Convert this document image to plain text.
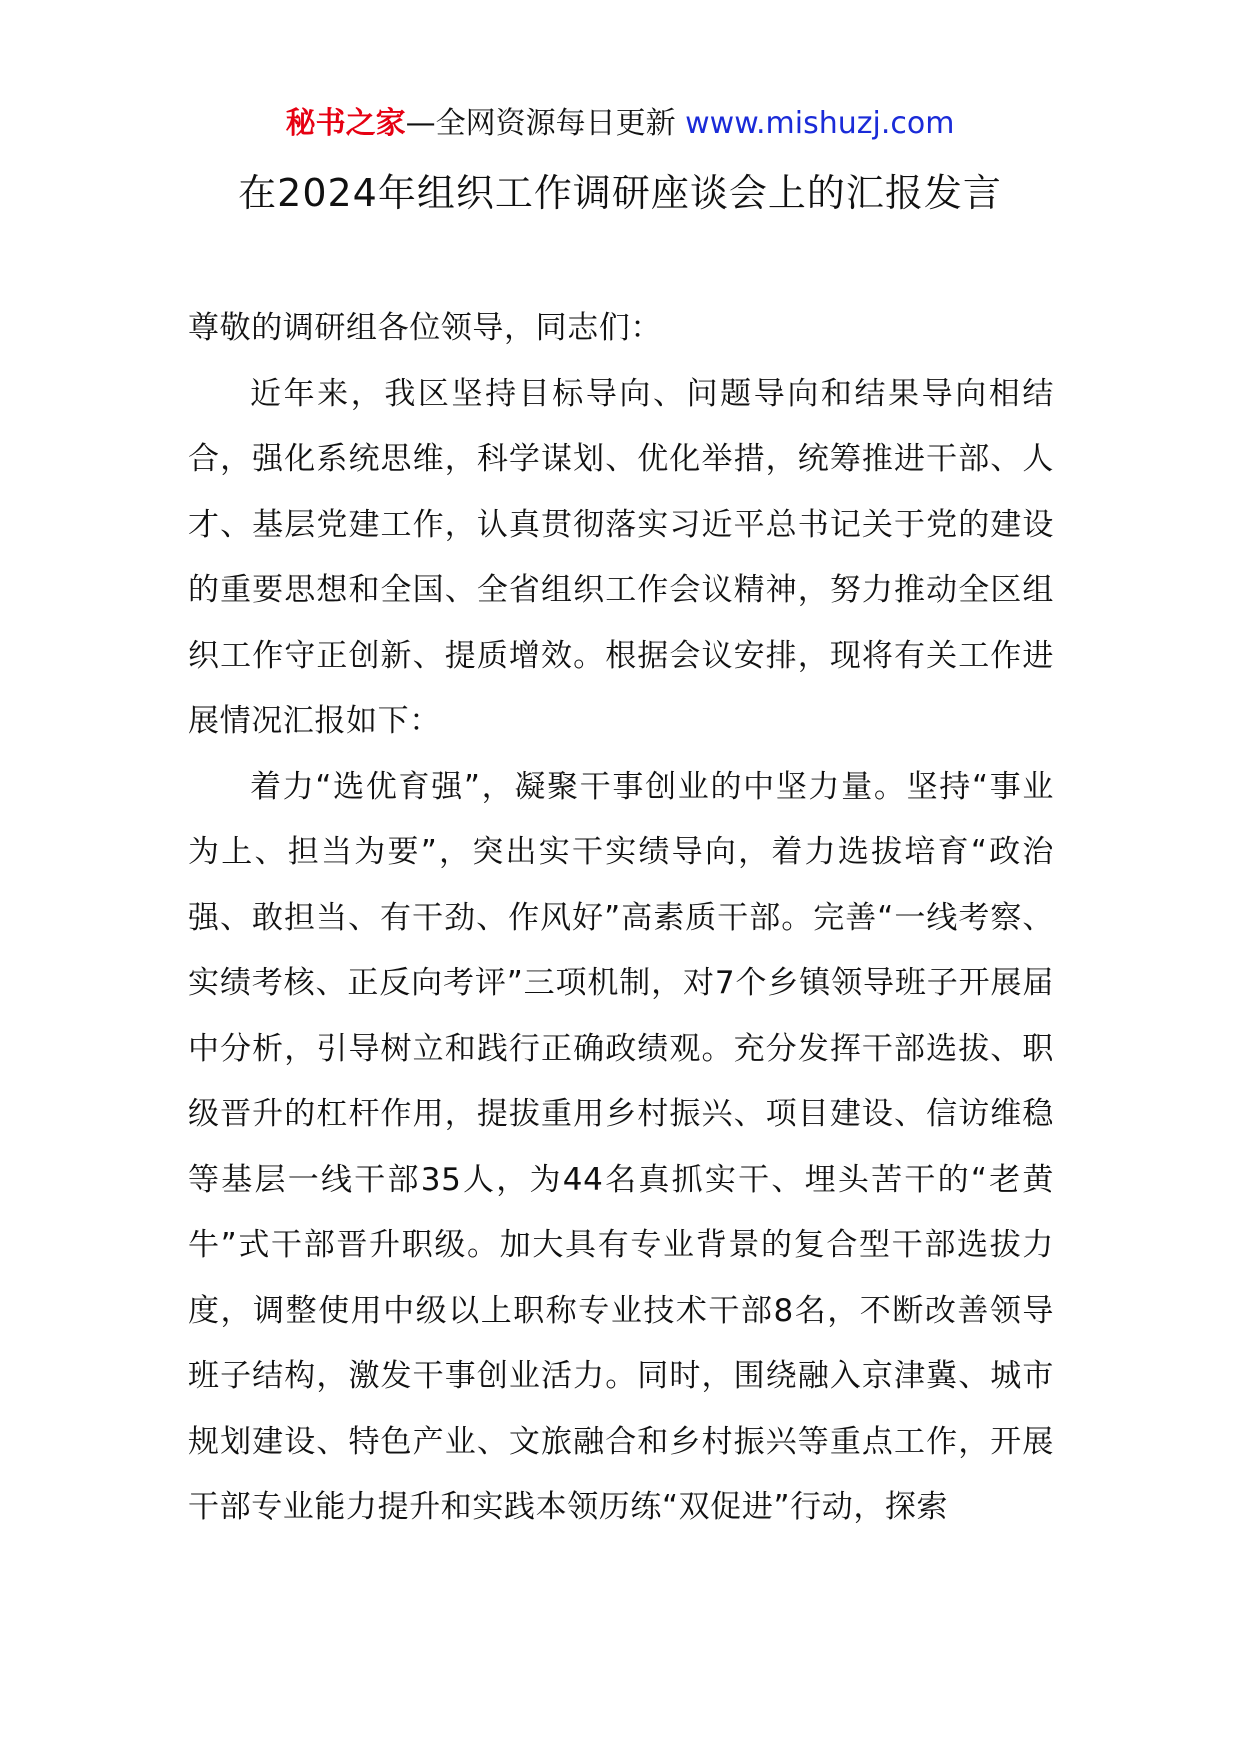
秘书之家—全网资源每日更新 www.mishuzj.com
在2024年组织工作调研座谈会上的汇报发言

尊敬的调研组各位领导，同志们：

近年来，我区坚持目标导向、问题导向和结果导向相结合，强化系统思维，科学谋划、优化举措，统筹推进干部、人才、基层党建工作，认真贯彻落实习近平总书记关于党的建设的重要思想和全国、全省组织工作会议精神，努力推动全区组织工作守正创新、提质增效。根据会议安排，现将有关工作进展情况汇报如下：

着力“选优育强”，凝聚干事创业的中坚力量。坚持“事业为上、担当为要”，突出实干实绩导向，着力选拔培育“政治强、敢担当、有干劲、作风好”高素质干部。完善“一线考察、实绩考核、正反向考评”三项机制，对7个乡镇领导班子开展届中分析，引导树立和践行正确政绩观。充分发挥干部选拔、职级晋升的杠杆作用，提拔重用乡村振兴、项目建设、信访维稳等基层一线干部35人，为44名真抓实干、埋头苦干的“老黄牛”式干部晋升职级。加大具有专业背景的复合型干部选拔力度，调整使用中级以上职称专业技术干部8名，不断改善领导班子结构，激发干事创业活力。同时，围绕融入京津冀、城市规划建设、特色产业、文旅融合和乡村振兴等重点工作，开展干部专业能力提升和实践本领历练“双促进”行动，探索
